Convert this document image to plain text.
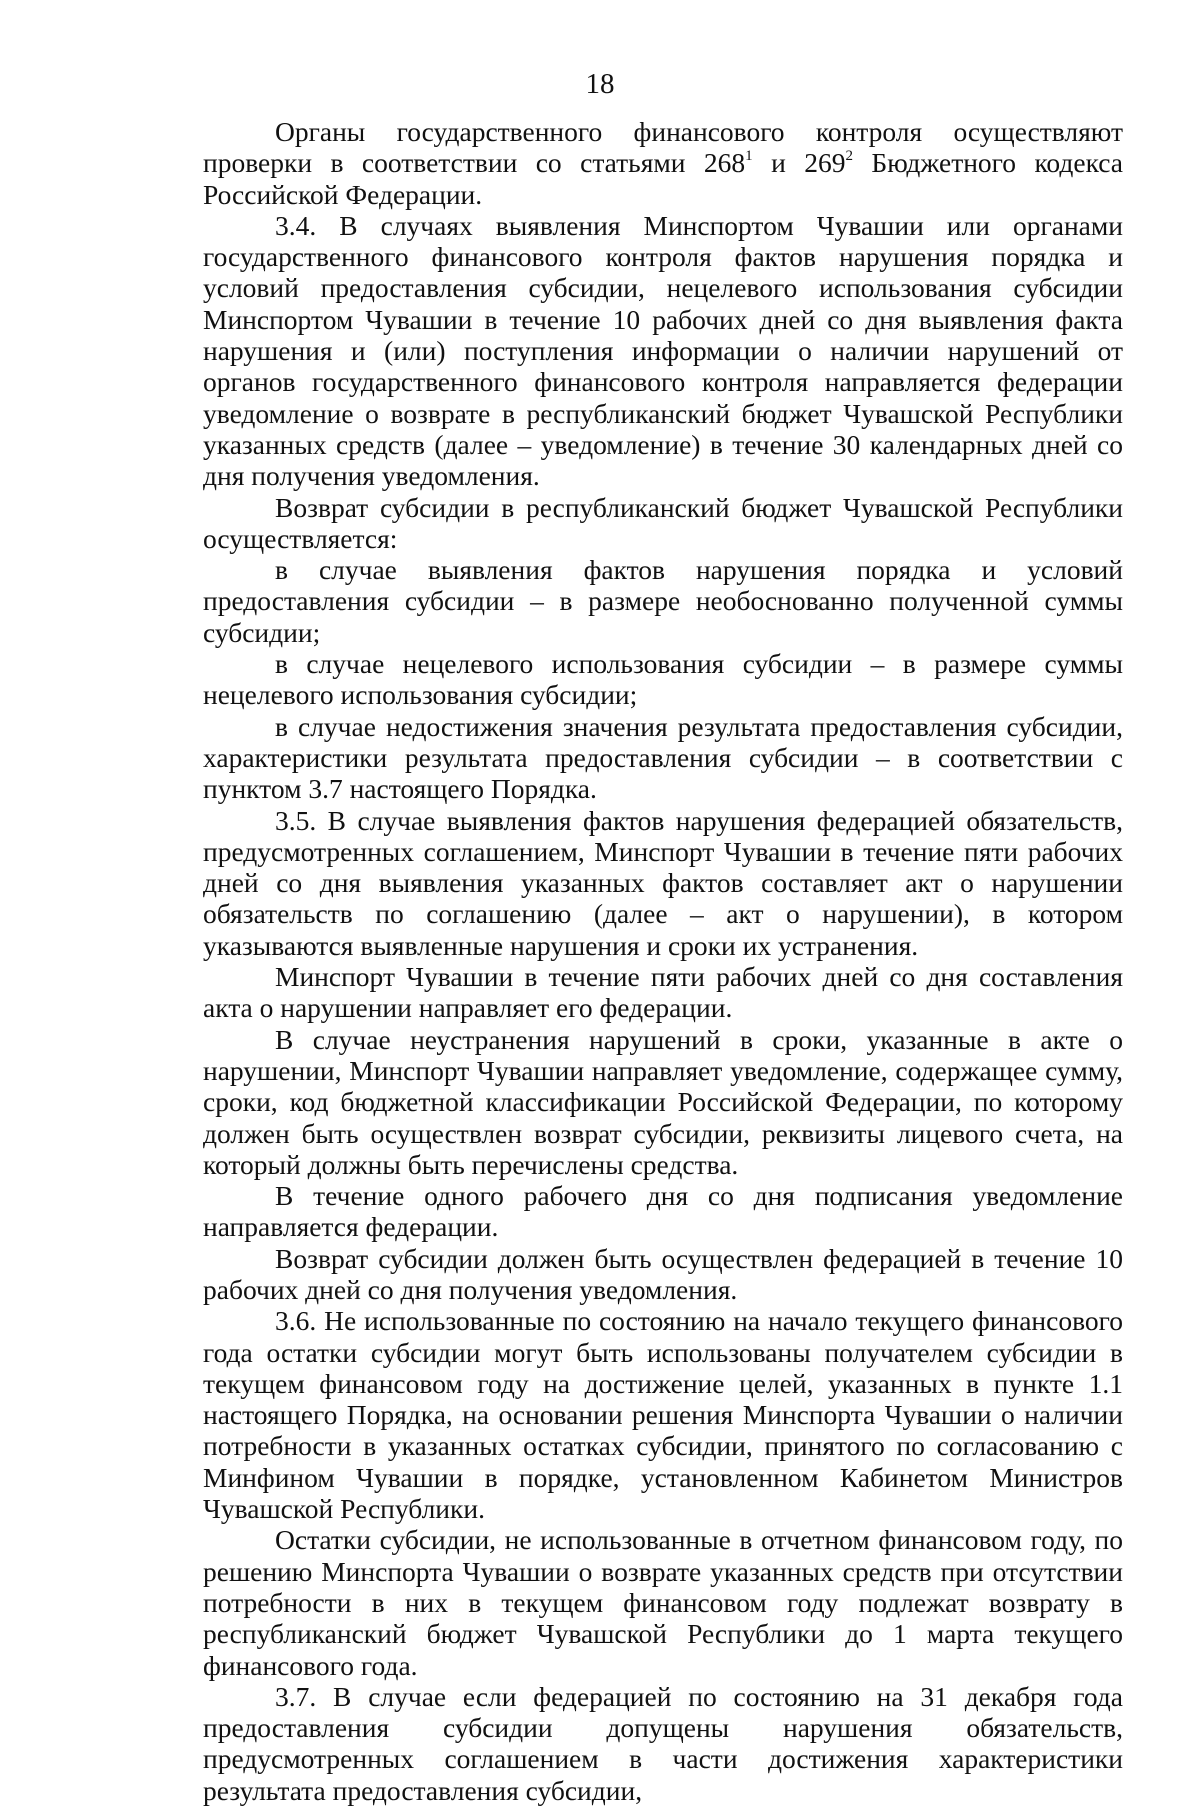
18

Органы государственного финансового контроля осуществляют проверки в соответствии со статьями $268^1$ и $269^2$ Бюджетного кодекса Российской Федерации.

3.4. В случаях выявления Минспортом Чувашии или органами государственного финансового контроля фактов нарушения порядка и условий предоставления субсидии, нецелевого использования субсидии Минспортом Чувашии в течение 10 рабочих дней со дня выявления факта нарушения и (или) поступления информации о наличии нарушений от органов государственного финансового контроля направляется федерации уведомление о возврате в республиканский бюджет Чувашской Республики указанных средств (далее – уведомление) в течение 30 календарных дней со дня получения уведомления.

Возврат субсидии в республиканский бюджет Чувашской Республики осуществляется:

в случае выявления фактов нарушения порядка и условий предоставления субсидии – в размере необоснованно полученной суммы субсидии;

в случае нецелевого использования субсидии – в размере суммы нецелевого использования субсидии;

в случае недостижения значения результата предоставления субсидии, характеристики результата предоставления субсидии – в соответствии с пунктом 3.7 настоящего Порядка.

3.5. В случае выявления фактов нарушения федерацией обязательств, предусмотренных соглашением, Минспорт Чувашии в течение пяти рабочих дней со дня выявления указанных фактов составляет акт о нарушении обязательств по соглашению (далее – акт о нарушении), в котором указываются выявленные нарушения и сроки их устранения.

Минспорт Чувашии в течение пяти рабочих дней со дня составления акта о нарушении направляет его федерации.

В случае неустранения нарушений в сроки, указанные в акте о нарушении, Минспорт Чувашии направляет уведомление, содержащее сумму, сроки, код бюджетной классификации Российской Федерации, по которому должен быть осуществлен возврат субсидии, реквизиты лицевого счета, на который должны быть перечислены средства.

В течение одного рабочего дня со дня подписания уведомление направляется федерации.

Возврат субсидии должен быть осуществлен федерацией в течение 10 рабочих дней со дня получения уведомления.

3.6. Не использованные по состоянию на начало текущего финансового года остатки субсидии могут быть использованы получателем субсидии в текущем финансовом году на достижение целей, указанных в пункте 1.1 настоящего Порядка, на основании решения Минспорта Чувашии о наличии потребности в указанных остатках субсидии, принятого по согласованию с Минфином Чувашии в порядке, установленном Кабинетом Министров Чувашской Республики.

Остатки субсидии, не использованные в отчетном финансовом году, по решению Минспорта Чувашии о возврате указанных средств при отсутствии потребности в них в текущем финансовом году подлежат возврату в республиканский бюджет Чувашской Республики до 1 марта текущего финансового года.

3.7. В случае если федерацией по состоянию на 31 декабря года предоставления субсидии допущены нарушения обязательств, предусмотренных соглашением в части достижения характеристики результата предоставления субсидии,
